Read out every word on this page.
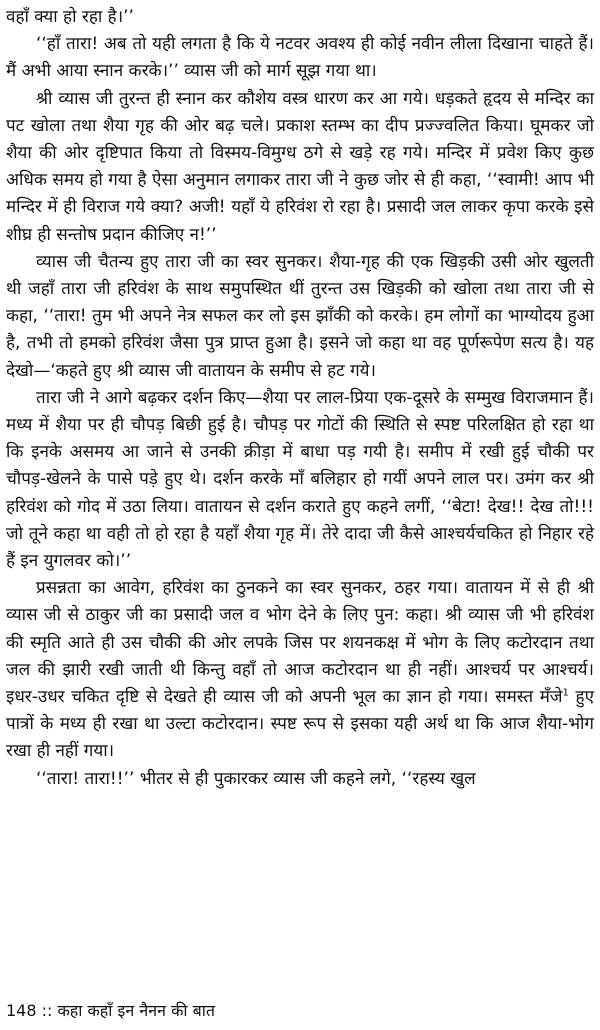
वहाँ क्या हो रहा है।’’

‘‘हाँ तारा! अब तो यही लगता है कि ये नटवर अवश्य ही कोई नवीन लीला दिखाना चाहते हैं। मैं अभी आया स्नान करके।’’ व्यास जी को मार्ग सूझ गया था।

श्री व्यास जी तुरन्त ही स्नान कर कौशेय वस्त्र धारण कर आ गये। धड़कते हृदय से मन्दिर का पट खोला तथा शैया गृह की ओर बढ़ चले। प्रकाश स्तम्भ का दीप प्रज्ज्वलित किया। घूमकर जो शैया की ओर दृष्टिपात किया तो विस्मय-विमुग्ध ठगे से खड़े रह गये। मन्दिर में प्रवेश किए कुछ अधिक समय हो गया है ऐसा अनुमान लगाकर तारा जी ने कुछ जोर से ही कहा, ‘‘स्वामी! आप भी मन्दिर में ही विराज गये क्या? अजी! यहाँ ये हरिवंश रो रहा है। प्रसादी जल लाकर कृपा करके इसे शीघ्र ही सन्तोष प्रदान कीजिए न!’’

व्यास जी चैतन्य हुए तारा जी का स्वर सुनकर। शैया-गृह की एक खिड़की उसी ओर खुलती थी जहाँ तारा जी हरिवंश के साथ समुपस्थित थीं तुरन्त उस खिड़की को खोला तथा तारा जी से कहा, ‘‘तारा! तुम भी अपने नेत्र सफल कर लो इस झाँकी को करके। हम लोगों का भाग्योदय हुआ है, तभी तो हमको हरिवंश जैसा पुत्र प्राप्त हुआ है। इसने जो कहा था वह पूर्णरूपेण सत्य है। यह देखो—‘कहते हुए श्री व्यास जी वातायन के समीप से हट गये।

तारा जी ने आगे बढ़कर दर्शन किए—शैया पर लाल-प्रिया एक-दूसरे के सम्मुख विराजमान हैं। मध्य में शैया पर ही चौपड़ बिछी हुई है। चौपड़ पर गोटों की स्थिति से स्पष्ट परिलक्षित हो रहा था कि इनके असमय आ जाने से उनकी क्रीड़ा में बाधा पड़ गयी है। समीप में रखी हुई चौकी पर चौपड़-खेलने के पासे पड़े हुए थे। दर्शन करके माँ बलिहार हो गयीं अपने लाल पर। उमंग कर श्री हरिवंश को गोद में उठा लिया। वातायन से दर्शन कराते हुए कहने लगीं, ‘‘बेटा! देख!! देख तो!!! जो तूने कहा था वही तो हो रहा है यहाँ शैया गृह में। तेरे दादा जी कैसे आश्चर्यचकित हो निहार रहे हैं इन युगलवर को।’’

प्रसन्नता का आवेग, हरिवंश का ठुनकने का स्वर सुनकर, ठहर गया। वातायन में से ही श्री व्यास जी से ठाकुर जी का प्रसादी जल व भोग देने के लिए पुन: कहा। श्री व्यास जी भी हरिवंश की स्मृति आते ही उस चौकी की ओर लपके जिस पर शयनकक्ष में भोग के लिए कटोरदान तथा जल की झारी रखी जाती थी किन्तु वहाँ तो आज कटोरदान था ही नहीं। आश्चर्य पर आश्चर्य। इधर-उधर चकित दृष्टि से देखते ही व्यास जी को अपनी भूल का ज्ञान हो गया। समस्त मँजे$^1$ हुए पात्रों के मध्य ही रखा था उल्टा कटोरदान। स्पष्ट रूप से इसका यही अर्थ था कि आज शैया-भोग रखा ही नहीं गया।

‘‘तारा! तारा!!’’ भीतर से ही पुकारकर व्यास जी कहने लगे, ‘‘रहस्य खुल

148 :: कहा कहाँ इन नैनन की बात
